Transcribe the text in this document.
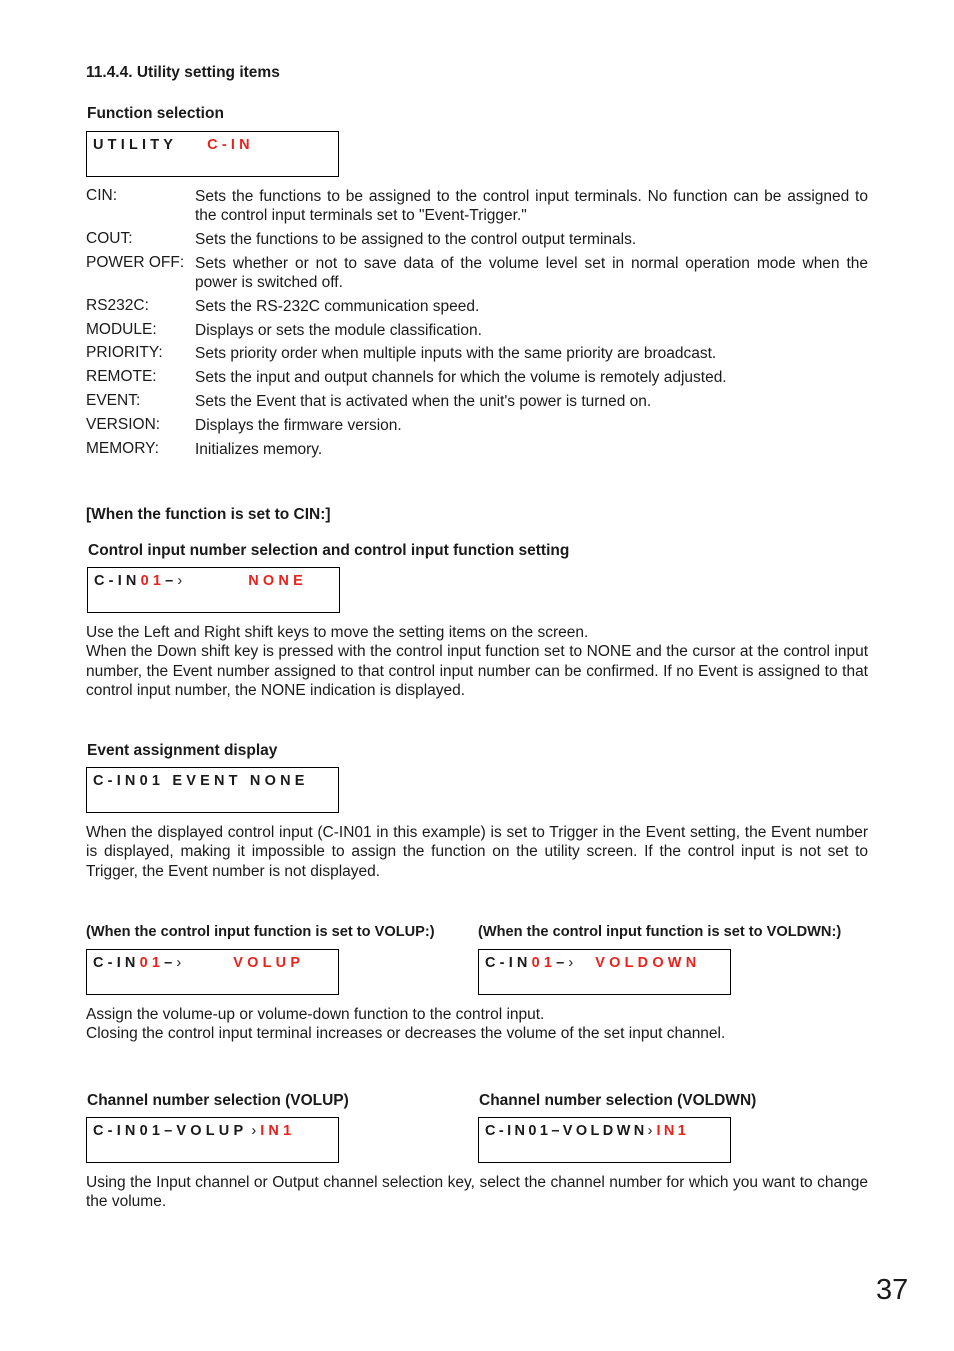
11.4.4. Utility setting items
Function selection
UTILITY C-IN
CIN:	Sets the functions to be assigned to the control input terminals. No function can be assigned to the control input terminals set to "Event-Trigger."
COUT:	Sets the functions to be assigned to the control output terminals.
POWER OFF: Sets whether or not to save data of the volume level set in normal operation mode when the power is switched off.
RS232C:	Sets the RS-232C communication speed.
MODULE: Displays or sets the module classification.
PRIORITY: Sets priority order when multiple inputs with the same priority are broadcast.
REMOTE: Sets the input and output channels for which the volume is remotely adjusted.
EVENT:	Sets the Event that is activated when the unit's power is turned on.
VERSION: Displays the firmware version.
MEMORY: Initializes memory.
[When the function is set to CIN:]
Control input number selection and control input function setting
C-IN01–›	NONE

Use the Left and Right shift keys to move the setting items on the screen.

When the Down shift key is pressed with the control input function set to NONE and the cursor at the control input number, the Event number assigned to that control input number can be confirmed. If no Event is assigned to that control input number, the NONE indication is displayed.

Event assignment display
C-IN01 EVENT NONE

When the displayed control input (C-IN01 in this example) is set to Trigger in the Event setting, the Event number is displayed, making it impossible to assign the function on the utility screen. If the control input is not set to Trigger, the Event number is not displayed.

(When the control input function is set to VOLUP:)
C-IN01–›	VOLUP
(When the control input function is set to VOLDWN:)
C-IN01–› VOLDOWN

Assign the volume-up or volume-down function to the control input.

Closing the control input terminal increases or decreases the volume of the set input channel.

Channel number selection (VOLUP)
C-IN01–VOLUP › IN1
Channel number selection (VOLDWN)
C-IN01–VOLDWN› IN1

Using the Input channel or Output channel selection key, select the channel number for which you want to change the volume.

37
